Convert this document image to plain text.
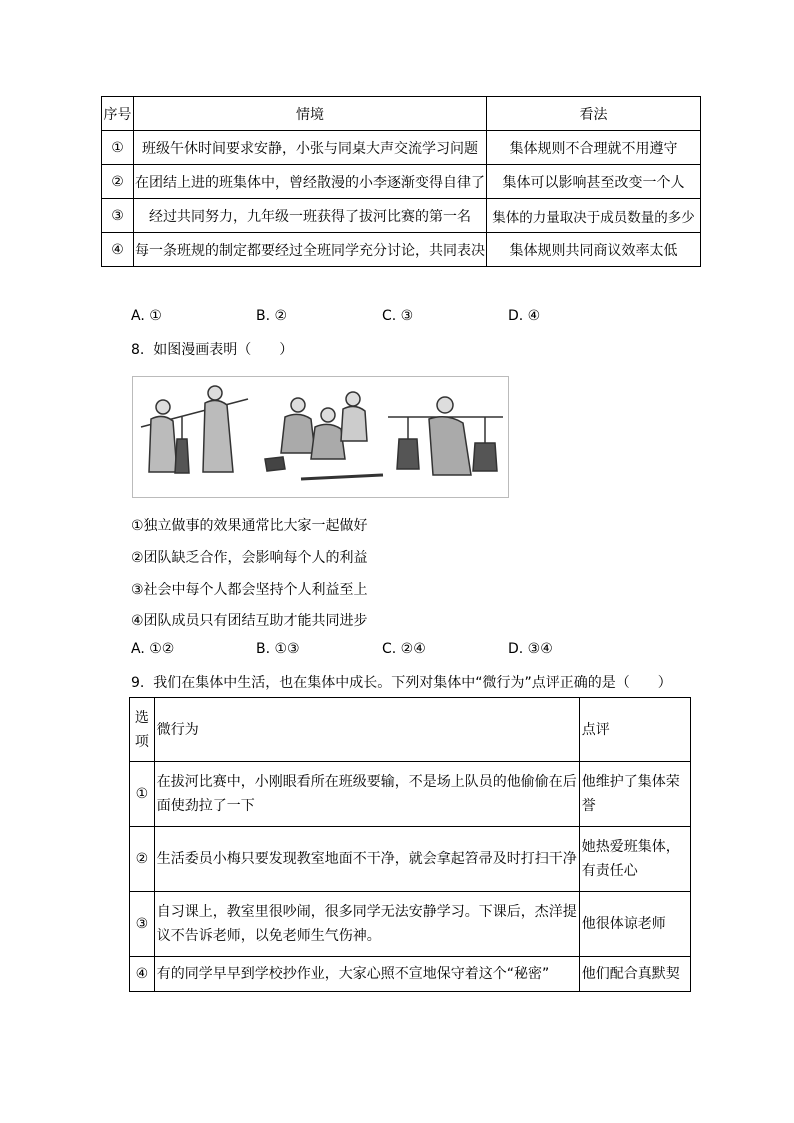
序号	情境	看法
①	班级午休时间要求安静，小张与同桌大声交流学习问题	集体规则不合理就不用遵守
②	在团结上进的班集体中，曾经散漫的小李逐渐变得自律了	集体可以影响甚至改变一个人
③	经过共同努力，九年级一班获得了拔河比赛的第一名	集体的力量取决于成员数量的多少
④	每一条班规的制定都要经过全班同学充分讨论，共同表决	集体规则共同商议效率太低
A. ①	B. ②	C. ③	D. ④
8.  如图漫画表明（　　）
①独立做事的效果通常比大家一起做好
②团队缺乏合作，会影响每个人的利益
③社会中每个人都会坚持个人利益至上
④团队成员只有团结互助才能共同进步
A. ①②	B. ①③	C. ②④	D. ③④
9.  我们在集体中生活，也在集体中成长。下列对集体中“微行为”点评正确的是（　　）
选项	微行为	点评
①	在拔河比赛中，小刚眼看所在班级要输，不是场上队员的他偷偷在后面使劲拉了一下	他维护了集体荣誉
②	生活委员小梅只要发现教室地面不干净，就会拿起笤帚及时打扫干净	她热爱班集体，有责任心
③	自习课上，教室里很吵闹，很多同学无法安静学习。下课后，杰洋提议不告诉老师，以免老师生气伤神。	他很体谅老师
④	有的同学早早到学校抄作业，大家心照不宣地保守着这个“秘密”	他们配合真默契
